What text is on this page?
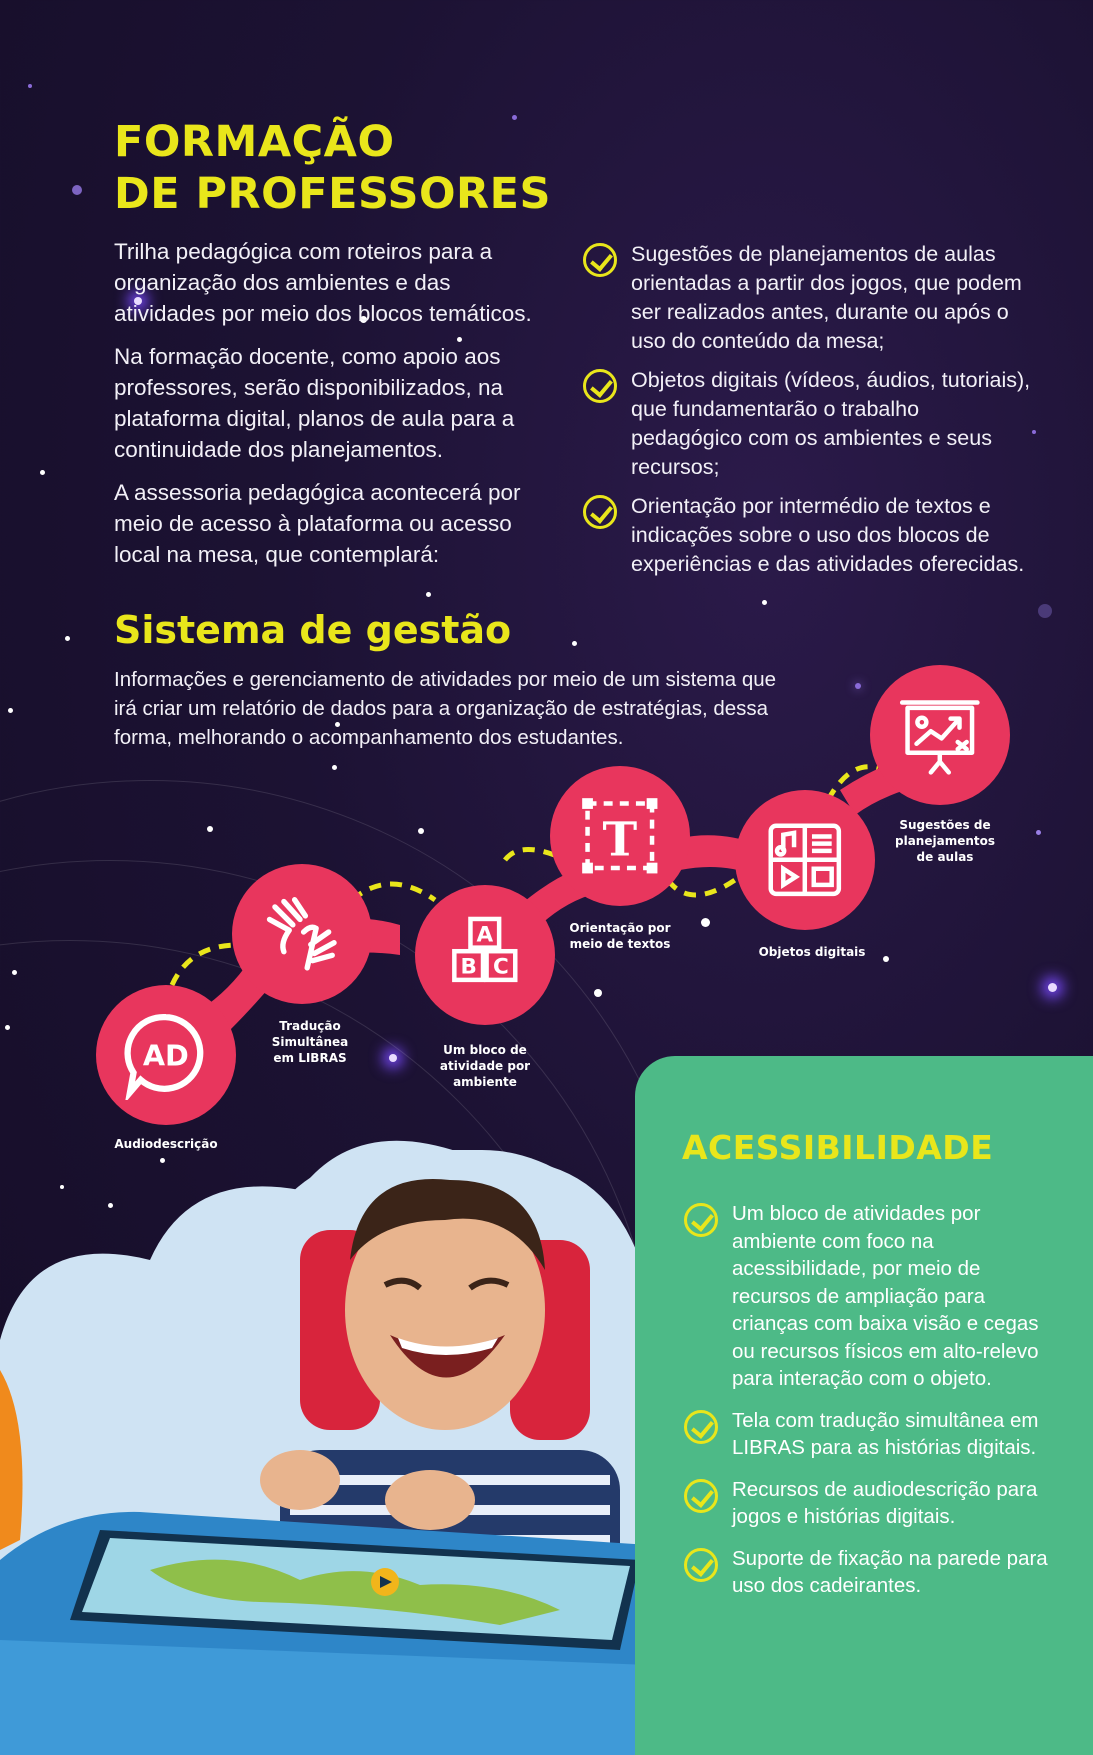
FORMAÇÃO
DE PROFESSORES

Trilha pedagógica com roteiros para a organização dos ambientes e das atividades por meio dos blocos temáticos.

Na formação docente, como apoio aos professores, serão disponibilizados, na plataforma digital, planos de aula para a continuidade dos planejamentos.

A assessoria pedagógica acontecerá por meio de acesso à plataforma ou acesso local na mesa, que contemplará:

Sugestões de planejamentos de aulas orientadas a partir dos jogos, que podem ser realizados antes, durante ou após o uso do conteúdo da mesa;
Objetos digitais (vídeos, áudios, tutoriais), que fundamentarão o trabalho pedagógico com os ambientes e seus recursos;
Orientação por intermédio de textos e indicações sobre o uso dos blocos de experiências e das atividades oferecidas.
Sistema de gestão

Informações e gerenciamento de atividades por meio de um sistema que irá criar um relatório de dados para a organização de estratégias, dessa forma, melhorando o acompanhamento dos estudantes.

AD
Audiodescrição
Tradução Simultânea em LIBRAS
A
B C
Um bloco de atividade por ambiente
T
Orientação por meio de textos
Objetos digitais
Sugestões de planejamentos de aulas
ACESSIBILIDADE
Um bloco de atividades por ambiente com foco na acessibilidade, por meio de recursos de ampliação para crianças com baixa visão e cegas ou recursos físicos em alto-relevo para interação com o objeto.
Tela com tradução simultânea em LIBRAS para as histórias digitais.
Recursos de audiodescrição para jogos e histórias digitais.
Suporte de fixação na parede para uso dos cadeirantes.
